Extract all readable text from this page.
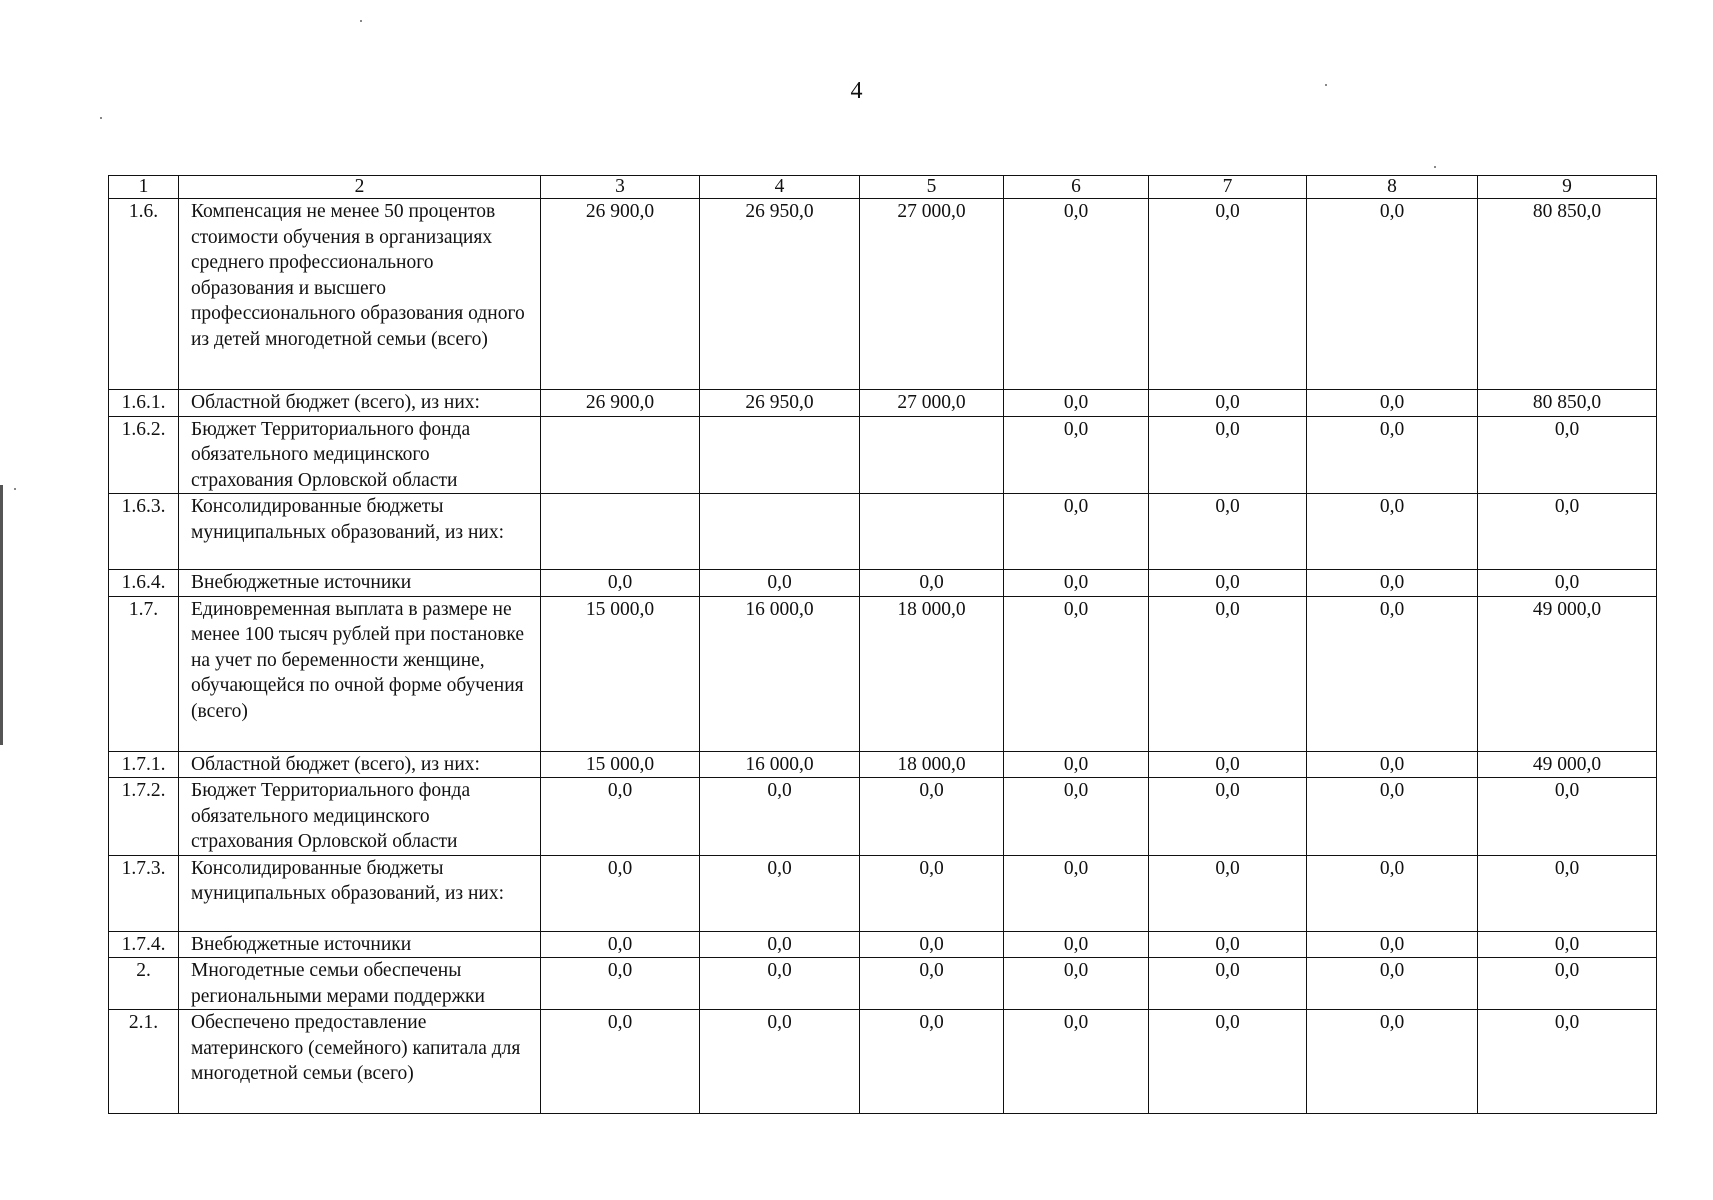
4
1	2	3	4	5	6	7	8	9
1.6.	Компенсация не менее 50 процентов стоимости обучения в организациях среднего профессионального образования и высшего профессионального образования одного из детей многодетной семьи (всего)	26 900,0	26 950,0	27 000,0	0,0	0,0	0,0	80 850,0
1.6.1.	Областной бюджет (всего), из них:	26 900,0	26 950,0	27 000,0	0,0	0,0	0,0	80 850,0
1.6.2.	Бюджет Территориального фонда обязательного медицинского страхования Орловской области				0,0	0,0	0,0	0,0
1.6.3.	Консолидированные бюджеты муниципальных образований, из них:				0,0	0,0	0,0	0,0
1.6.4.	Внебюджетные источники	0,0	0,0	0,0	0,0	0,0	0,0	0,0
1.7.	Единовременная выплата в размере не менее 100 тысяч рублей при постановке на учет по беременности женщине, обучающейся по очной форме обучения (всего)	15 000,0	16 000,0	18 000,0	0,0	0,0	0,0	49 000,0
1.7.1.	Областной бюджет (всего), из них:	15 000,0	16 000,0	18 000,0	0,0	0,0	0,0	49 000,0
1.7.2.	Бюджет Территориального фонда обязательного медицинского страхования Орловской области	0,0	0,0	0,0	0,0	0,0	0,0	0,0
1.7.3.	Консолидированные бюджеты муниципальных образований, из них:	0,0	0,0	0,0	0,0	0,0	0,0	0,0
1.7.4.	Внебюджетные источники	0,0	0,0	0,0	0,0	0,0	0,0	0,0
2.	Многодетные семьи обеспечены региональными мерами поддержки	0,0	0,0	0,0	0,0	0,0	0,0	0,0
2.1.	Обеспечено предоставление материнского (семейного) капитала для многодетной семьи (всего)	0,0	0,0	0,0	0,0	0,0	0,0	0,0
